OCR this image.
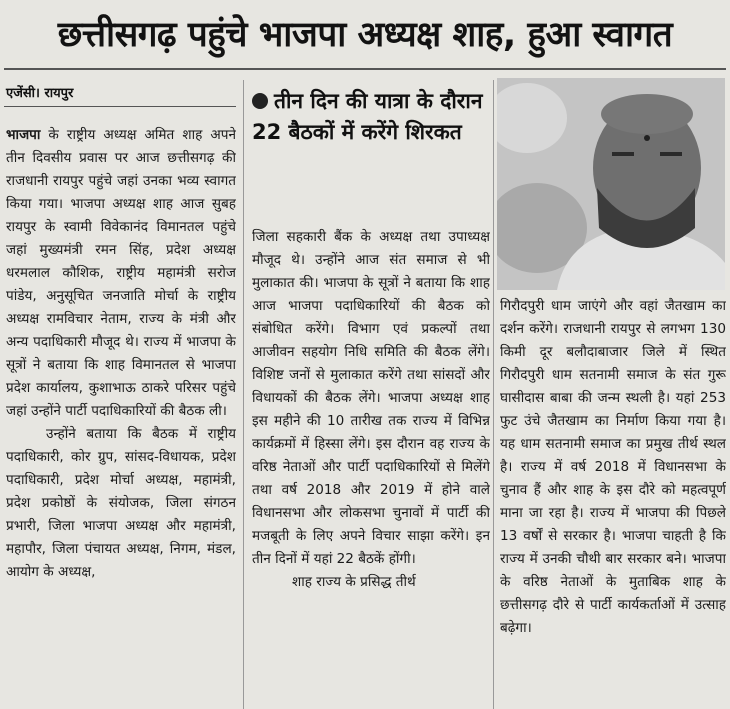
छत्तीसगढ़ पहुंचे भाजपा अध्यक्ष शाह, हुआ स्वागत
एजेंसी। रायपुर

भाजपा के राष्ट्रीय अध्यक्ष अमित शाह अपने तीन दिवसीय प्रवास पर आज छत्तीसगढ़ की राजधानी रायपुर पहुंचे जहां उनका भव्य स्वागत किया गया। भाजपा अध्यक्ष शाह आज सुबह रायपुर के स्वामी विवेकानंद विमानतल पहुंचे जहां मुख्यमंत्री रमन सिंह, प्रदेश अध्यक्ष धरमलाल कौशिक, राष्ट्रीय महामंत्री सरोज पांडेय, अनुसूचित जनजाति मोर्चा के राष्ट्रीय अध्यक्ष रामविचार नेताम, राज्य के मंत्री और अन्य पदाधिकारी मौजूद थे। राज्य में भाजपा के सूत्रों ने बताया कि शाह विमानतल से भाजपा प्रदेश कार्यालय, कुशाभाऊ ठाकरे परिसर पहुंचे जहां उन्होंने पार्टी पदाधिकारियों की बैठक ली।

उन्होंने बताया कि बैठक में राष्ट्रीय पदाधिकारी, कोर ग्रुप, सांसद-विधायक, प्रदेश पदाधिकारी, प्रदेश मोर्चा अध्यक्ष, महामंत्री, प्रदेश प्रकोष्ठों के संयोजक, जिला संगठन प्रभारी, जिला भाजपा अध्यक्ष और महामंत्री, महापौर, जिला पंचायत अध्यक्ष, निगम, मंडल, आयोग के अध्यक्ष,

तीन दिन की यात्रा के दौरान 22 बैठकों में करेंगे शिरकत

जिला सहकारी बैंक के अध्यक्ष तथा उपाध्यक्ष मौजूद थे। उन्होंने आज संत समाज से भी मुलाकात की। भाजपा के सूत्रों ने बताया कि शाह आज भाजपा पदाधिकारियों की बैठक को संबोधित करेंगे। विभाग एवं प्रकल्पों तथा आजीवन सहयोग निधि समिति की बैठक लेंगे। विशिष्ट जनों से मुलाकात करेंगे तथा सांसदों और विधायकों की बैठक लेंगे। भाजपा अध्यक्ष शाह इस महीने की 10 तारीख तक राज्य में विभिन्न कार्यक्रमों में हिस्सा लेंगे। इस दौरान वह राज्य के वरिष्ठ नेताओं और पार्टी पदाधिकारियों से मिलेंगे तथा वर्ष 2018 और 2019 में होने वाले विधानसभा और लोकसभा चुनावों में पार्टी की मजबूती के लिए अपने विचार साझा करेंगे। इन तीन दिनों में यहां 22 बैठकें होंगी।

शाह राज्य के प्रसिद्ध तीर्थ

गिरौदपुरी धाम जाएंगे और वहां जैतखाम का दर्शन करेंगे। राजधानी रायपुर से लगभग 130 किमी दूर बलौदाबाजार जिले में स्थित गिरौदपुरी धाम सतनामी समाज के संत गुरू घासीदास बाबा की जन्म स्थली है। यहां 253 फुट उंचे जैतखाम का निर्माण किया गया है। यह धाम सतनामी समाज का प्रमुख तीर्थ स्थल है। राज्य में वर्ष 2018 में विधानसभा के चुनाव हैं और शाह के इस दौरे को महत्वपूर्ण माना जा रहा है। राज्य में भाजपा की पिछले 13 वर्षों से सरकार है। भाजपा चाहती है कि राज्य में उनकी चौथी बार सरकार बने। भाजपा के वरिष्ठ नेताओं के मुताबिक शाह के छत्तीसगढ़ दौरे से पार्टी कार्यकर्ताओं में उत्साह बढ़ेगा।
